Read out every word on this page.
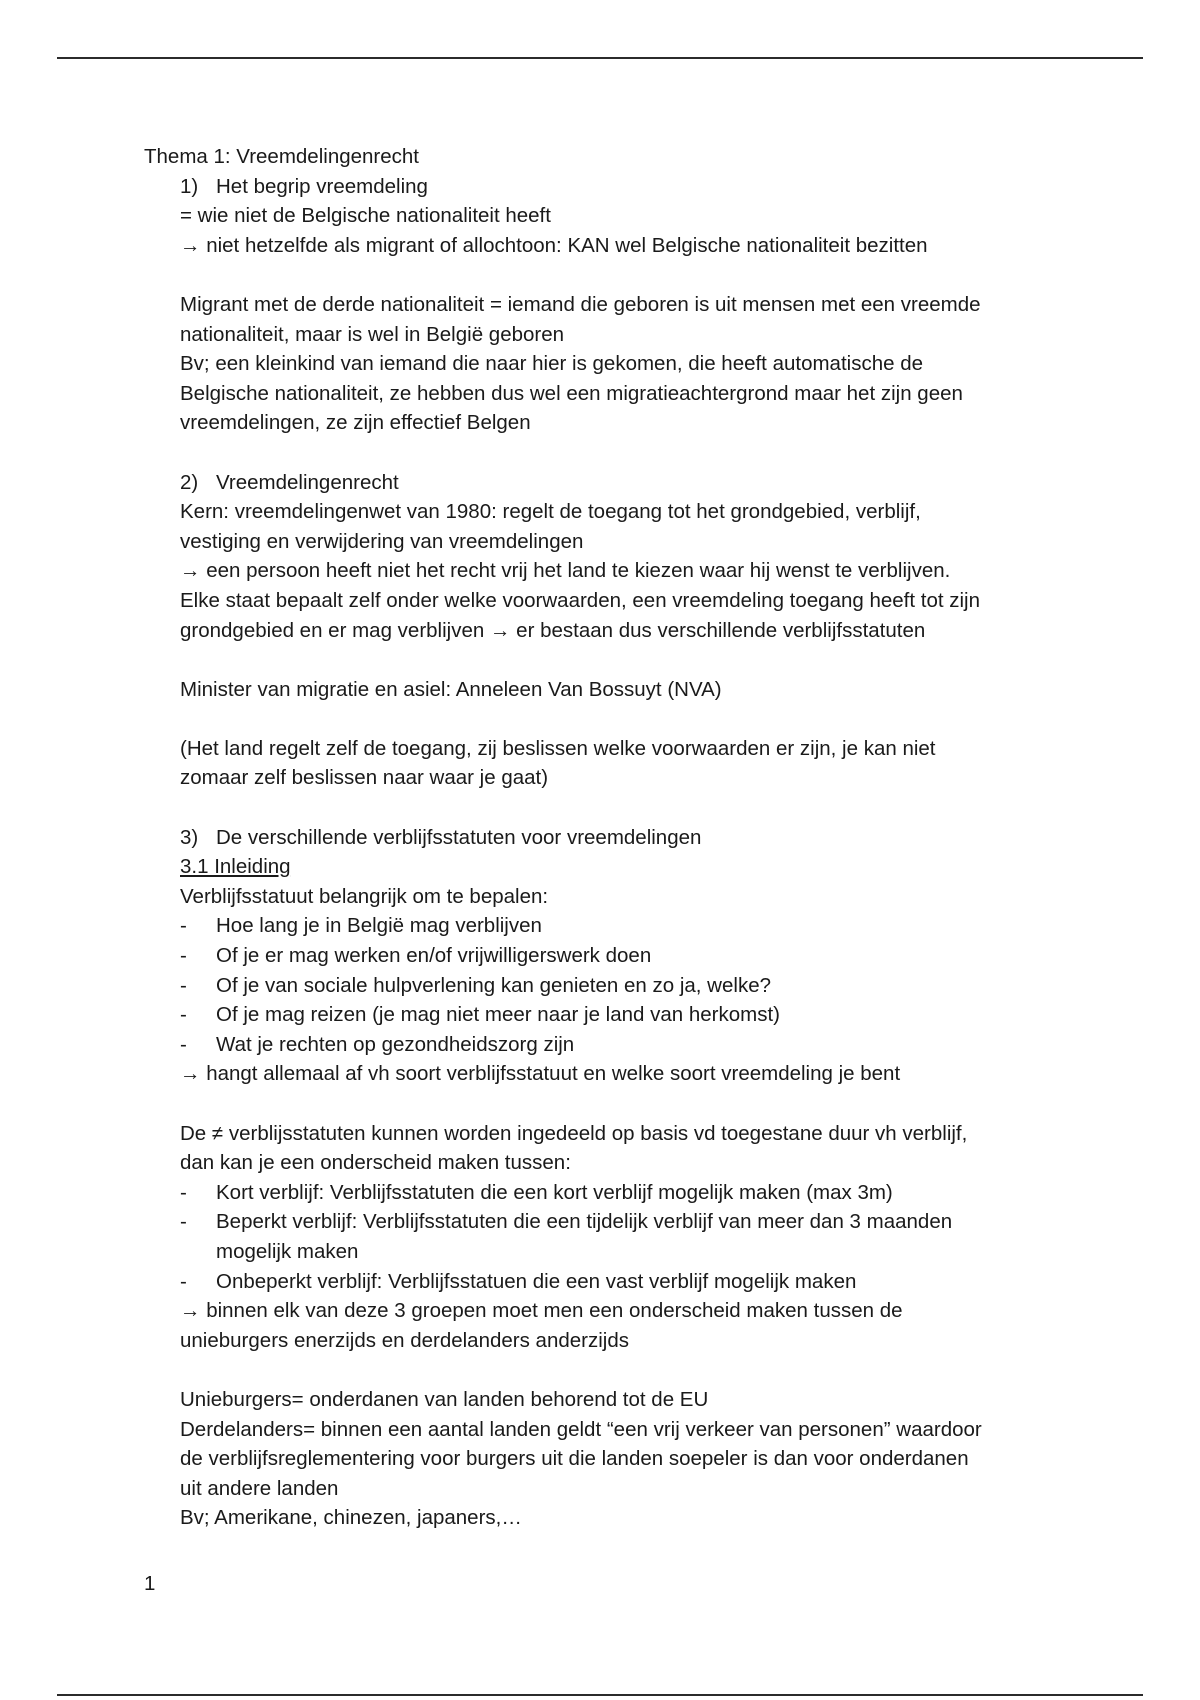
Thema 1: Vreemdelingenrecht
1) Het begrip vreemdeling
= wie niet de Belgische nationaliteit heeft
→ niet hetzelfde als migrant of allochtoon: KAN wel Belgische nationaliteit bezitten
Migrant met de derde nationaliteit = iemand die geboren is uit mensen met een vreemde
nationaliteit, maar is wel in België geboren
Bv; een kleinkind van iemand die naar hier is gekomen, die heeft automatische de
Belgische nationaliteit, ze hebben dus wel een migratieachtergrond maar het zijn geen
vreemdelingen, ze zijn effectief Belgen
2) Vreemdelingenrecht
Kern: vreemdelingenwet van 1980: regelt de toegang tot het grondgebied, verblijf,
vestiging en verwijdering van vreemdelingen
→ een persoon heeft niet het recht vrij het land te kiezen waar hij wenst te verblijven.
Elke staat bepaalt zelf onder welke voorwaarden, een vreemdeling toegang heeft tot zijn
grondgebied en er mag verblijven → er bestaan dus verschillende verblijfsstatuten
Minister van migratie en asiel: Anneleen Van Bossuyt (NVA)
(Het land regelt zelf de toegang, zij beslissen welke voorwaarden er zijn, je kan niet
zomaar zelf beslissen naar waar je gaat)
3) De verschillende verblijfsstatuten voor vreemdelingen
3.1 Inleiding
Verblijfsstatuut belangrijk om te bepalen:
- Hoe lang je in België mag verblijven
- Of je er mag werken en/of vrijwilligerswerk doen
- Of je van sociale hulpverlening kan genieten en zo ja, welke?
- Of je mag reizen (je mag niet meer naar je land van herkomst)
- Wat je rechten op gezondheidszorg zijn
→ hangt allemaal af vh soort verblijfsstatuut en welke soort vreemdeling je bent
De ≠ verblijsstatuten kunnen worden ingedeeld op basis vd toegestane duur vh verblijf,
dan kan je een onderscheid maken tussen:
- Kort verblijf: Verblijfsstatuten die een kort verblijf mogelijk maken (max 3m)
- Beperkt verblijf: Verblijfsstatuten die een tijdelijk verblijf van meer dan 3 maanden
mogelijk maken
- Onbeperkt verblijf: Verblijfsstatuen die een vast verblijf mogelijk maken
→ binnen elk van deze 3 groepen moet men een onderscheid maken tussen de
unieburgers enerzijds en derdelanders anderzijds
Unieburgers= onderdanen van landen behorend tot de EU
Derdelanders= binnen een aantal landen geldt “een vrij verkeer van personen” waardoor
de verblijfsreglementering voor burgers uit die landen soepeler is dan voor onderdanen
uit andere landen
Bv; Amerikane, chinezen, japaners,…
1
